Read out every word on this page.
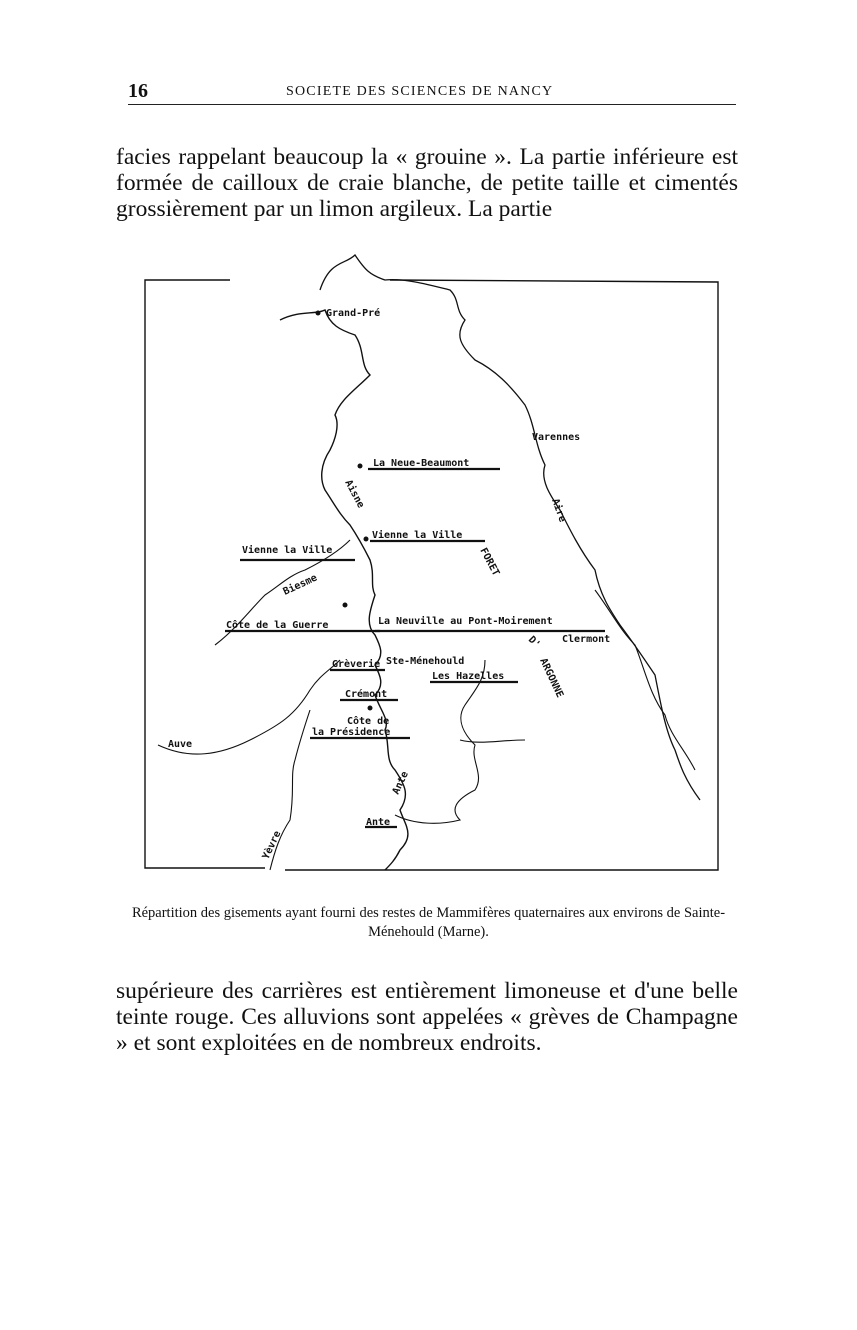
16	SOCIETE DES SCIENCES DE NANCY

facies rappelant beaucoup la « grouine ». La partie inférieure est formée de cailloux de craie blanche, de petite taille et cimentés grossièrement par un limon argileux. La partie

Grand-Pré
La Neue-Beaumont
Vienne la Ville
Vienne la Ville
Côte de la Guerre	La Neuville au Pont-Moirement
Grèverie Ste-Ménehould
Les Hazelles
Crémont
Côte de
la Présidence
Varennes
Clermont
Ante
Auve
Aisne
Biesme
Aire
Ante
Yèvre
FORET
D'
ARGONNE

Répartition des gisements ayant fourni des restes de Mammifères quaternaires aux environs de Sainte-Ménehould (Marne).

supérieure des carrières est entièrement limoneuse et d'une belle teinte rouge. Ces alluvions sont appelées « grèves de Champagne » et sont exploitées en de nombreux endroits.
